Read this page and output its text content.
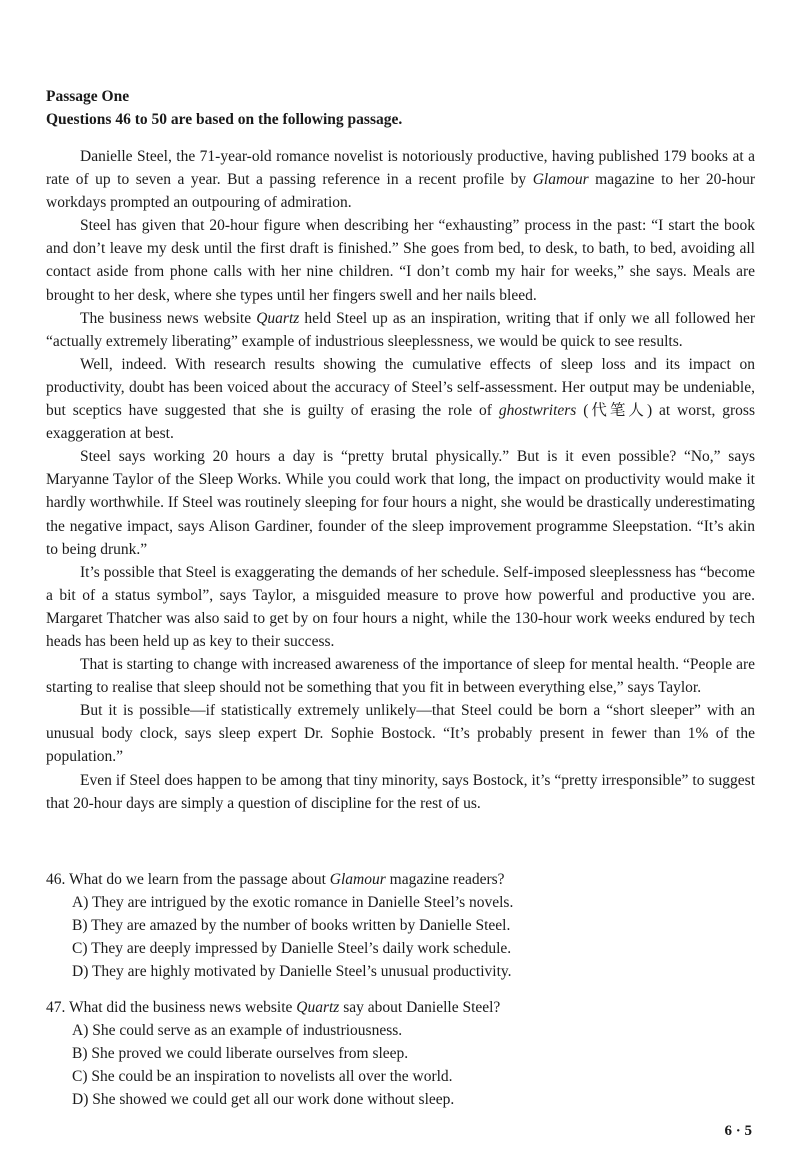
Passage One
Questions 46 to 50 are based on the following passage.

Danielle Steel, the 71-year-old romance novelist is notoriously productive, having published 179 books at a rate of up to seven a year. But a passing reference in a recent profile by Glamour magazine to her 20-hour workdays prompted an outpouring of admiration.

Steel has given that 20-hour figure when describing her “exhausting” process in the past: “I start the book and don’t leave my desk until the first draft is finished.” She goes from bed, to desk, to bath, to bed, avoiding all contact aside from phone calls with her nine children. “I don’t comb my hair for weeks,” she says. Meals are brought to her desk, where she types until her fingers swell and her nails bleed.

The business news website Quartz held Steel up as an inspiration, writing that if only we all followed her “actually extremely liberating” example of industrious sleeplessness, we would be quick to see results.

Well, indeed. With research results showing the cumulative effects of sleep loss and its impact on productivity, doubt has been voiced about the accuracy of Steel’s self-assessment. Her output may be undeniable, but sceptics have suggested that she is guilty of erasing the role of ghostwriters (代笔人) at worst, gross exaggeration at best.

Steel says working 20 hours a day is “pretty brutal physically.” But is it even possible? “No,” says Maryanne Taylor of the Sleep Works. While you could work that long, the impact on productivity would make it hardly worthwhile. If Steel was routinely sleeping for four hours a night, she would be drastically underestimating the negative impact, says Alison Gardiner, founder of the sleep improvement programme Sleepstation. “It’s akin to being drunk.”

It’s possible that Steel is exaggerating the demands of her schedule. Self-imposed sleeplessness has “become a bit of a status symbol”, says Taylor, a misguided measure to prove how powerful and productive you are. Margaret Thatcher was also said to get by on four hours a night, while the 130-hour work weeks endured by tech heads has been held up as key to their success.

That is starting to change with increased awareness of the importance of sleep for mental health. “People are starting to realise that sleep should not be something that you fit in between everything else,” says Taylor.

But it is possible—if statistically extremely unlikely—that Steel could be born a “short sleeper” with an unusual body clock, says sleep expert Dr. Sophie Bostock. “It’s probably present in fewer than 1% of the population.”

Even if Steel does happen to be among that tiny minority, says Bostock, it’s “pretty irresponsible” to suggest that 20-hour days are simply a question of discipline for the rest of us.

46. What do we learn from the passage about Glamour magazine readers?
A) They are intrigued by the exotic romance in Danielle Steel’s novels.
B) They are amazed by the number of books written by Danielle Steel.
C) They are deeply impressed by Danielle Steel’s daily work schedule.
D) They are highly motivated by Danielle Steel’s unusual productivity.
47. What did the business news website Quartz say about Danielle Steel?
A) She could serve as an example of industriousness.
B) She proved we could liberate ourselves from sleep.
C) She could be an inspiration to novelists all over the world.
D) She showed we could get all our work done without sleep.
6 · 5
